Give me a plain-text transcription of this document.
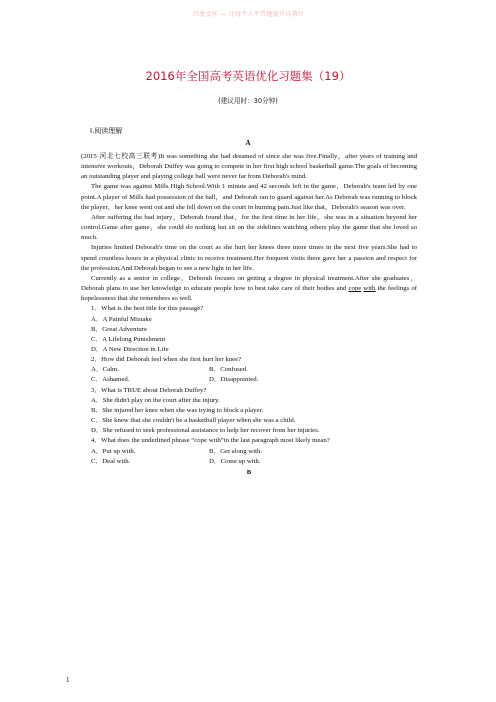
百度文库 — 让每个人平等地提升自我!!
2016年全国高考英语优化习题集（19）
(建议用时：30分钟)
Ⅰ.阅读理解
A

(2015·河北七校高三联考)It was something she had dreamed of since she was five.Finally，after years of training and intensive workouts，Deborah Duffey was going to compete in her first high school basketball game.The goals of becoming an outstanding player and playing college ball were never far from Deborah's mind.

The game was against Mills High School.With 1 minute and 42 seconds left in the game，Deborah's team led by one point.A player of Mills had possession of the ball，and Deborah ran to guard against her.As Deborah was running to block the player，her knee went out and she fell down on the court in burning pain.Just like that，Deborah's season was over.

After suffering the bad injury，Deborah found that，for the first time in her life，she was in a situation beyond her control.Game after game，she could do nothing but sit on the sidelines watching others play the game that she loved so much.

Injuries limited Deborah's time on the court as she hurt her knees three more times in the next five years.She had to spend countless hours in a physical clinic to receive treatment.Her frequent visits there gave her a passion and respect for the profession.And Deborah began to see a new light in her life.

Currently as a senior in college，Deborah focuses on getting a degree in physical treatment.After she graduates，Deborah plans to use her knowledge to educate people how to best take care of their bodies and cope with the feelings of hopelessness that she remembers so well.

1．What is the best title for this passage?

A．A Painful Mistake

B．Great Adventure

C．A Lifelong Punishment

D．A New Direction in Life

2．How did Deborah feel when she first hurt her knee?

A．Calm.	B．Confused.
C．Ashamed.	D．Disappointed.

3．What is TRUE about Deborah Duffey?

A．She didn't play on the court after the injury.

B．She injured her knee when she was trying to block a player.

C．She knew that she couldn't be a basketball player when she was a child.

D．She refused to seek professional assistance to help her recover from her injuries.

4．What does the underlined phrase “cope with”in the last paragraph most likely mean?

A．Put up with.	B．Get along with.
C．Deal with.	D．Come up with.
B
1
